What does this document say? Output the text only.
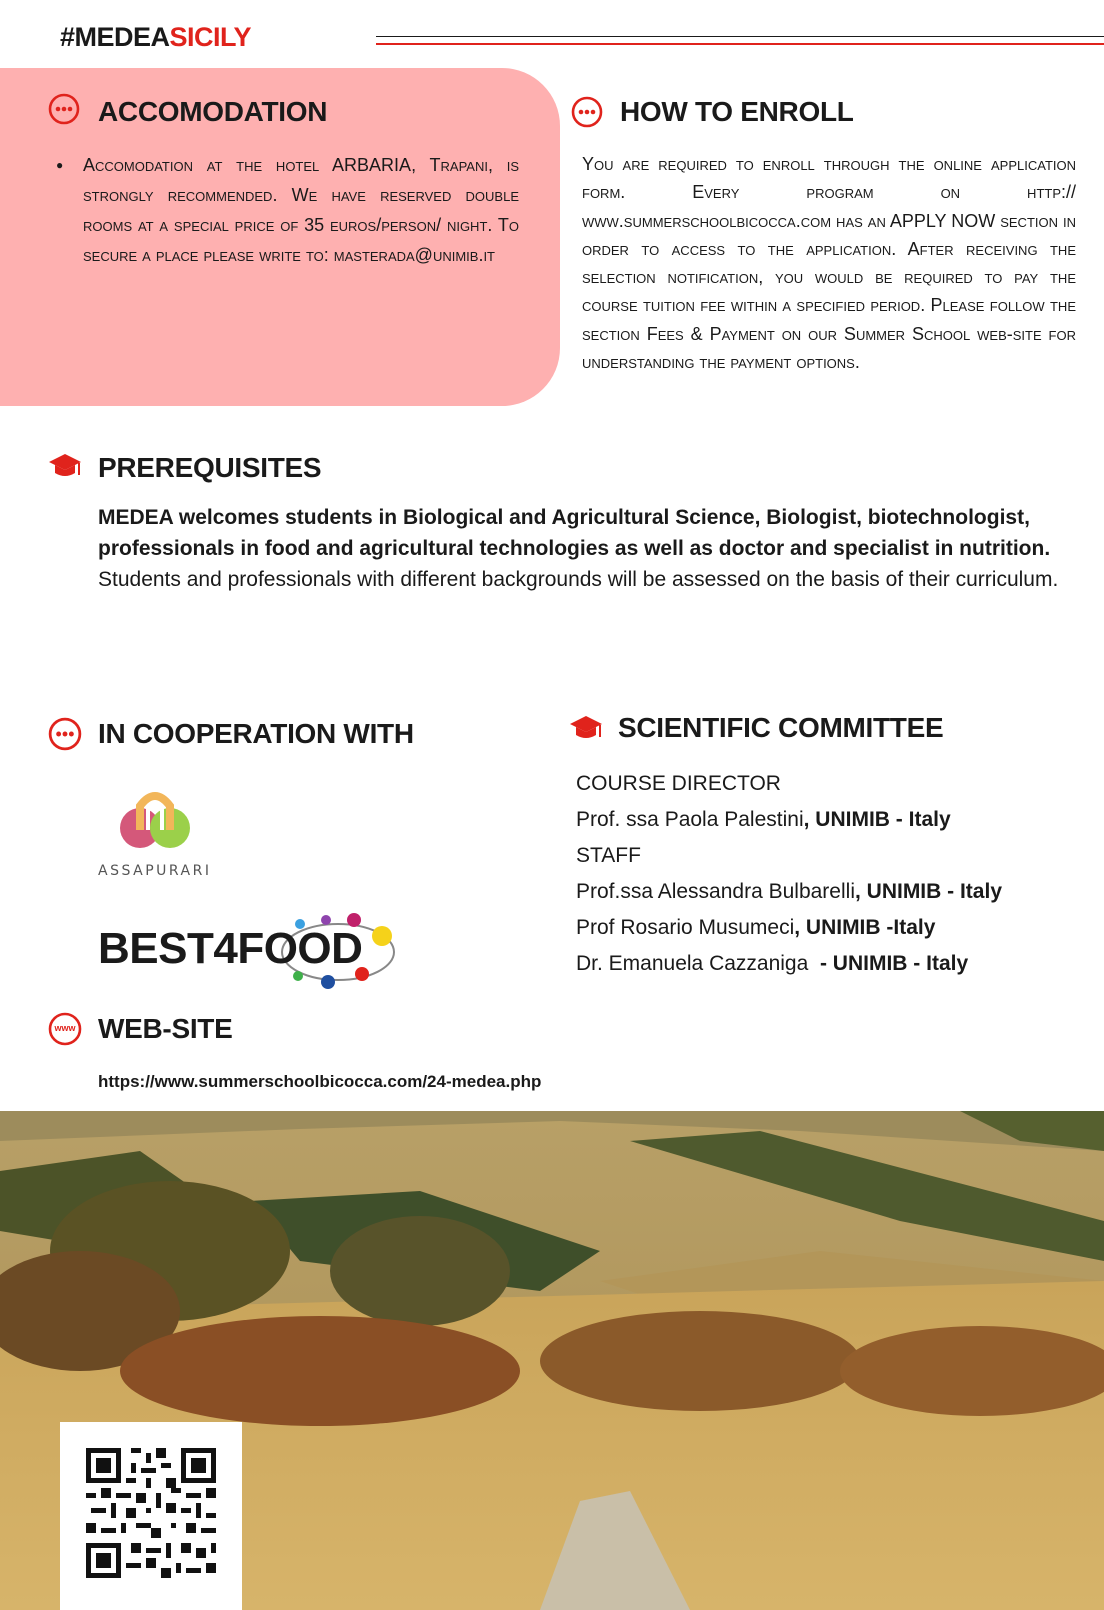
#MEDEASICILY
ACCOMODATION
● Accomodation at the hotel ARBARIA, Trapani, is strongly recommended. We have reserved double rooms at a special price of 35 euros/person/ night. To secure a place please write to: masterada@unimib.it
HOW TO ENROLL
You are required to enroll through the online application form. Every program on http:// www.summerschoolbicocca.com has an APPLY NOW section in order to access to the application. After receiving the selection notification, you would be required to pay the course tuition fee within a specified period. Please follow the section Fees & Payment on our Summer School web-site for understanding the payment options.
PREREQUISITES
MEDEA welcomes students in Biological and Agricultural Science, Biologist, biotechnologist, professionals in food and agricultural technologies as well as doctor and specialist in nutrition. Students and professionals with different backgrounds will be assessed on the basis of their curriculum.
IN COOPERATION WITH
ASSAPURARI
BEST4FOOD
SCIENTIFIC COMMITTEE
COURSE DIRECTOR
Prof. ssa Paola Palestini, UNIMIB - Italy
STAFF
Prof.ssa Alessandra Bulbarelli, UNIMIB - Italy
Prof Rosario Musumeci, UNIMIB -Italy
Dr. Emanuela Cazzaniga  - UNIMIB - Italy
www WEB-SITE
https://www.summerschoolbicocca.com/24-medea.php
